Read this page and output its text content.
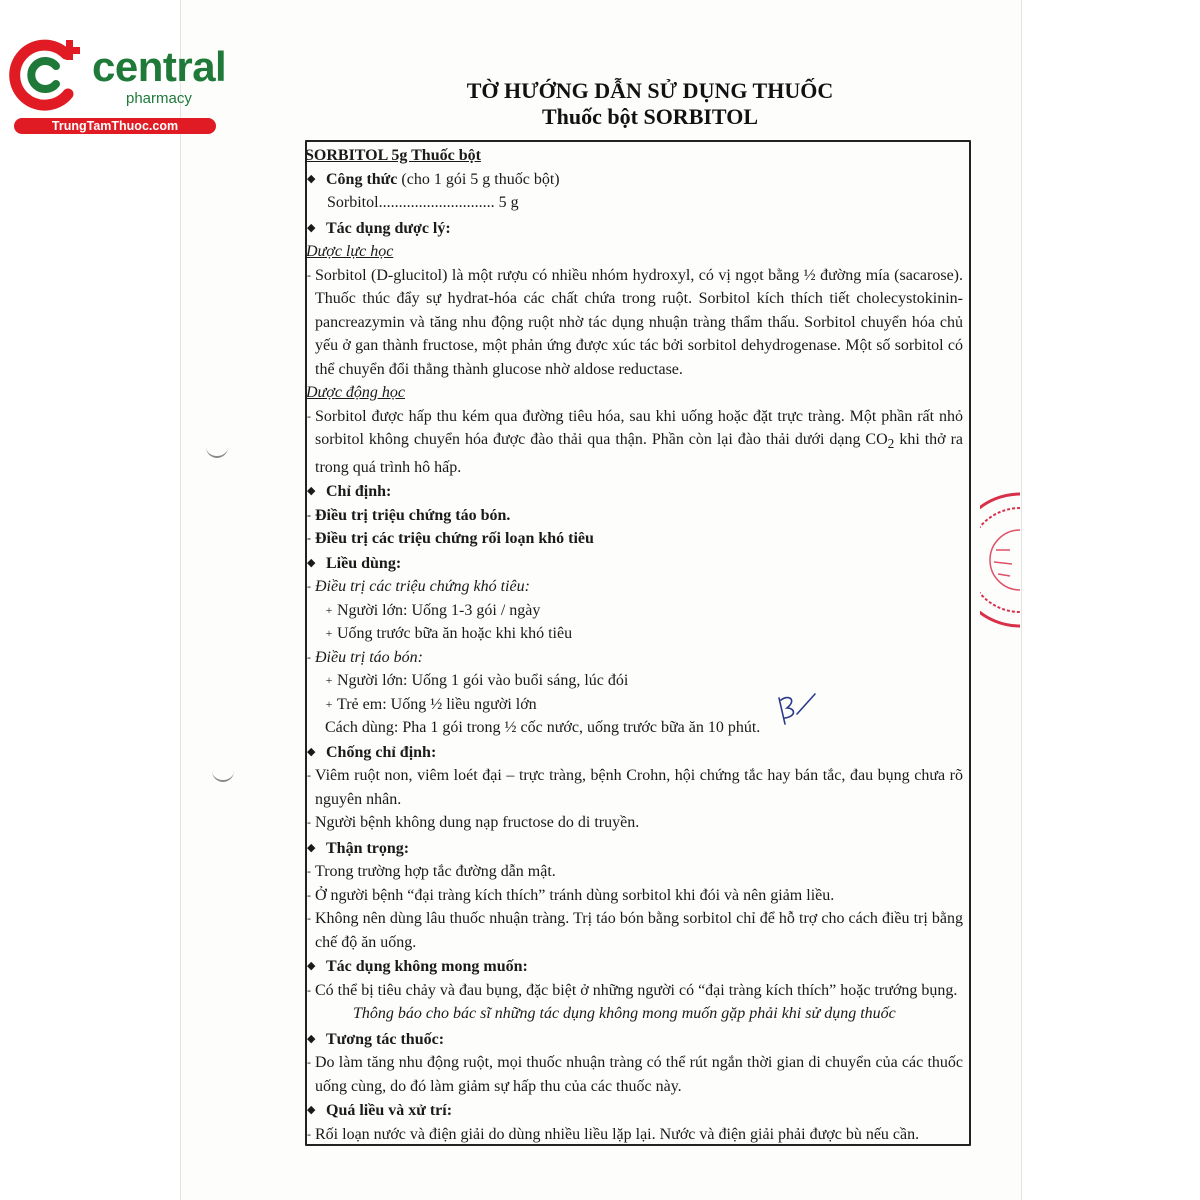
central
pharmacy
TrungTamThuoc.com
TỜ HƯỚNG DẪN SỬ DỤNG THUỐC
Thuốc bột SORBITOL

SORBITOL 5g Thuốc bột

◆ Công thức (cho 1 gói 5 g thuốc bột)

Sorbitol............................. 5 g

◆ Tác dụng dược lý:

Dược lực học

- Sorbitol (D-glucitol) là một rượu có nhiều nhóm hydroxyl, có vị ngọt bằng ½ đường mía (sacarose). Thuốc thúc đẩy sự hydrat-hóa các chất chứa trong ruột. Sorbitol kích thích tiết cholecystokinin-pancreazymin và tăng nhu động ruột nhờ tác dụng nhuận tràng thẩm thấu. Sorbitol chuyển hóa chủ yếu ở gan thành fructose, một phản ứng được xúc tác bởi sorbitol dehydrogenase. Một số sorbitol có thể chuyển đổi thẳng thành glucose nhờ aldose reductase.

Dược động học

- Sorbitol được hấp thu kém qua đường tiêu hóa, sau khi uống hoặc đặt trực tràng. Một phần rất nhỏ sorbitol không chuyển hóa được đào thải qua thận. Phần còn lại đào thải dưới dạng $CO_2$ khi thở ra trong quá trình hô hấp.

◆ Chỉ định:

- Điều trị triệu chứng táo bón.
- Điều trị các triệu chứng rối loạn khó tiêu

◆ Liều dùng:

- Điều trị các triệu chứng khó tiêu:
+ Người lớn: Uống 1-3 gói / ngày
+ Uống trước bữa ăn hoặc khi khó tiêu
- Điều trị táo bón:
+ Người lớn: Uống 1 gói vào buổi sáng, lúc đói
+ Trẻ em: Uống ½ liều người lớn

Cách dùng: Pha 1 gói trong ½ cốc nước, uống trước bữa ăn 10 phút.

◆ Chống chỉ định:

- Viêm ruột non, viêm loét đại – trực tràng, bệnh Crohn, hội chứng tắc hay bán tắc, đau bụng chưa rõ nguyên nhân.
- Người bệnh không dung nạp fructose do di truyền.

◆ Thận trọng:

- Trong trường hợp tắc đường dẫn mật.
- Ở người bệnh “đại tràng kích thích” tránh dùng sorbitol khi đói và nên giảm liều.
- Không nên dùng lâu thuốc nhuận tràng. Trị táo bón bằng sorbitol chỉ để hỗ trợ cho cách điều trị bằng chế độ ăn uống.

◆ Tác dụng không mong muốn:

- Có thể bị tiêu chảy và đau bụng, đặc biệt ở những người có “đại tràng kích thích” hoặc trướng bụng.

Thông báo cho bác sĩ những tác dụng không mong muốn gặp phải khi sử dụng thuốc

◆ Tương tác thuốc:

- Do làm tăng nhu động ruột, mọi thuốc nhuận tràng có thể rút ngắn thời gian di chuyển của các thuốc uống cùng, do đó làm giảm sự hấp thu của các thuốc này.

◆ Quá liều và xử trí:

- Rối loạn nước và điện giải do dùng nhiều liều lặp lại. Nước và điện giải phải được bù nếu cần.
